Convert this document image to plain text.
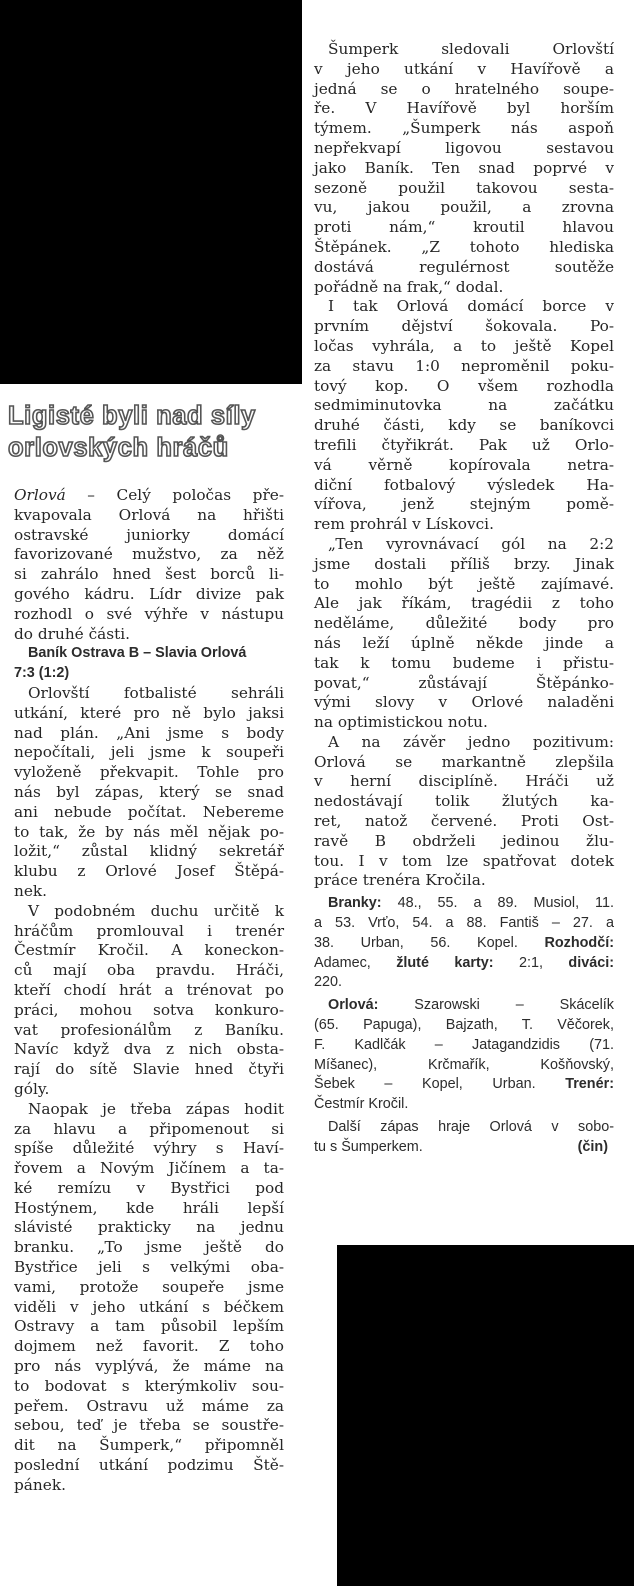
Ligisté byli nad síly
orlovských hráčů
Orlová – Celý poločas pře-
kvapovala Orlová na hřišti
ostravské juniorky domácí
favorizované mužstvo, za něž
si zahrálo hned šest borců li-
gového kádru. Lídr divize pak
rozhodl o své výhře v nástupu
do druhé části.
Baník Ostrava B – Slavia Orlová
7:3 (1:2)
Orlovští fotbalisté sehráli
utkání, které pro ně bylo jaksi
nad plán. „Ani jsme s body
nepočítali, jeli jsme k soupeři
vyloženě překvapit. Tohle pro
nás byl zápas, který se snad
ani nebude počítat. Nebereme
to tak, že by nás měl nějak po-
ložit,“ zůstal klidný sekretář
klubu z Orlové Josef Štěpá-
nek.
V podobném duchu určitě k
hráčům promlouval i trenér
Čestmír Kročil. A koneckon-
ců mají oba pravdu. Hráči,
kteří chodí hrát a trénovat po
práci, mohou sotva konkuro-
vat profesionálům z Baníku.
Navíc když dva z nich obsta-
rají do sítě Slavie hned čtyři
góly.
Naopak je třeba zápas hodit
za hlavu a připomenout si
spíše důležité výhry s Haví-
řovem a Novým Jičínem a ta-
ké remízu v Bystřici pod
Hostýnem, kde hráli lepší
slávisté prakticky na jednu
branku. „To jsme ještě do
Bystřice jeli s velkými oba-
vami, protože soupeře jsme
viděli v jeho utkání s béčkem
Ostravy a tam působil lepším
dojmem než favorit. Z toho
pro nás vyplývá, že máme na
to bodovat s kterýmkoliv sou-
peřem. Ostravu už máme za
sebou, teď je třeba se soustře-
dit na Šumperk,“ připomněl
poslední utkání podzimu Ště-
pánek.
Šumperk sledovali Orlovští
v jeho utkání v Havířově a
jedná se o hratelného soupe-
ře. V Havířově byl horším
týmem. „Šumperk nás aspoň
nepřekvapí ligovou sestavou
jako Baník. Ten snad poprvé v
sezoně použil takovou sesta-
vu, jakou použil, a zrovna
proti nám,“ kroutil hlavou
Štěpánek. „Z tohoto hlediska
dostává regulérnost soutěže
pořádně na frak,“ dodal.
I tak Orlová domácí borce v
prvním dějství šokovala. Po-
ločas vyhrála, a to ještě Kopel
za stavu 1:0 neproměnil poku-
tový kop. O všem rozhodla
sedmiminutovka na začátku
druhé části, kdy se baníkovci
trefili čtyřikrát. Pak už Orlo-
vá věrně kopírovala netra-
diční fotbalový výsledek Ha-
vířova, jenž stejným pomě-
rem prohrál v Lískovci.
„Ten vyrovnávací gól na 2:2
jsme dostali příliš brzy. Jinak
to mohlo být ještě zajímavé.
Ale jak říkám, tragédii z toho
neděláme, důležité body pro
nás leží úplně někde jinde a
tak k tomu budeme i přistu-
povat,“ zůstávají Štěpánko-
vými slovy v Orlové naladěni
na optimistickou notu.
A na závěr jedno pozitivum:
Orlová se markantně zlepšila
v herní disciplíně. Hráči už
nedostávají tolik žlutých ka-
ret, natož červené. Proti Ost-
ravě B obdrželi jedinou žlu-
tou. I v tom lze spatřovat dotek
práce trenéra Kročila.
Branky: 48., 55. a 89. Musiol, 11.
a 53. Vrťo, 54. a 88. Fantiš – 27. a
38. Urban, 56. Kopel. Rozhodčí:
Adamec, žluté karty: 2:1, diváci:
220.
Orlová: Szarowski – Skácelík
(65. Papuga), Bajzath, T. Věčorek,
F. Kadlčák – Jatagandzidis (71.
Míšanec), Krčmařík, Košňovský,
Šebek – Kopel, Urban. Trenér:
Čestmír Kročil.
Další zápas hraje Orlová v sobo-
tu s Šumperkem.	(čin)
